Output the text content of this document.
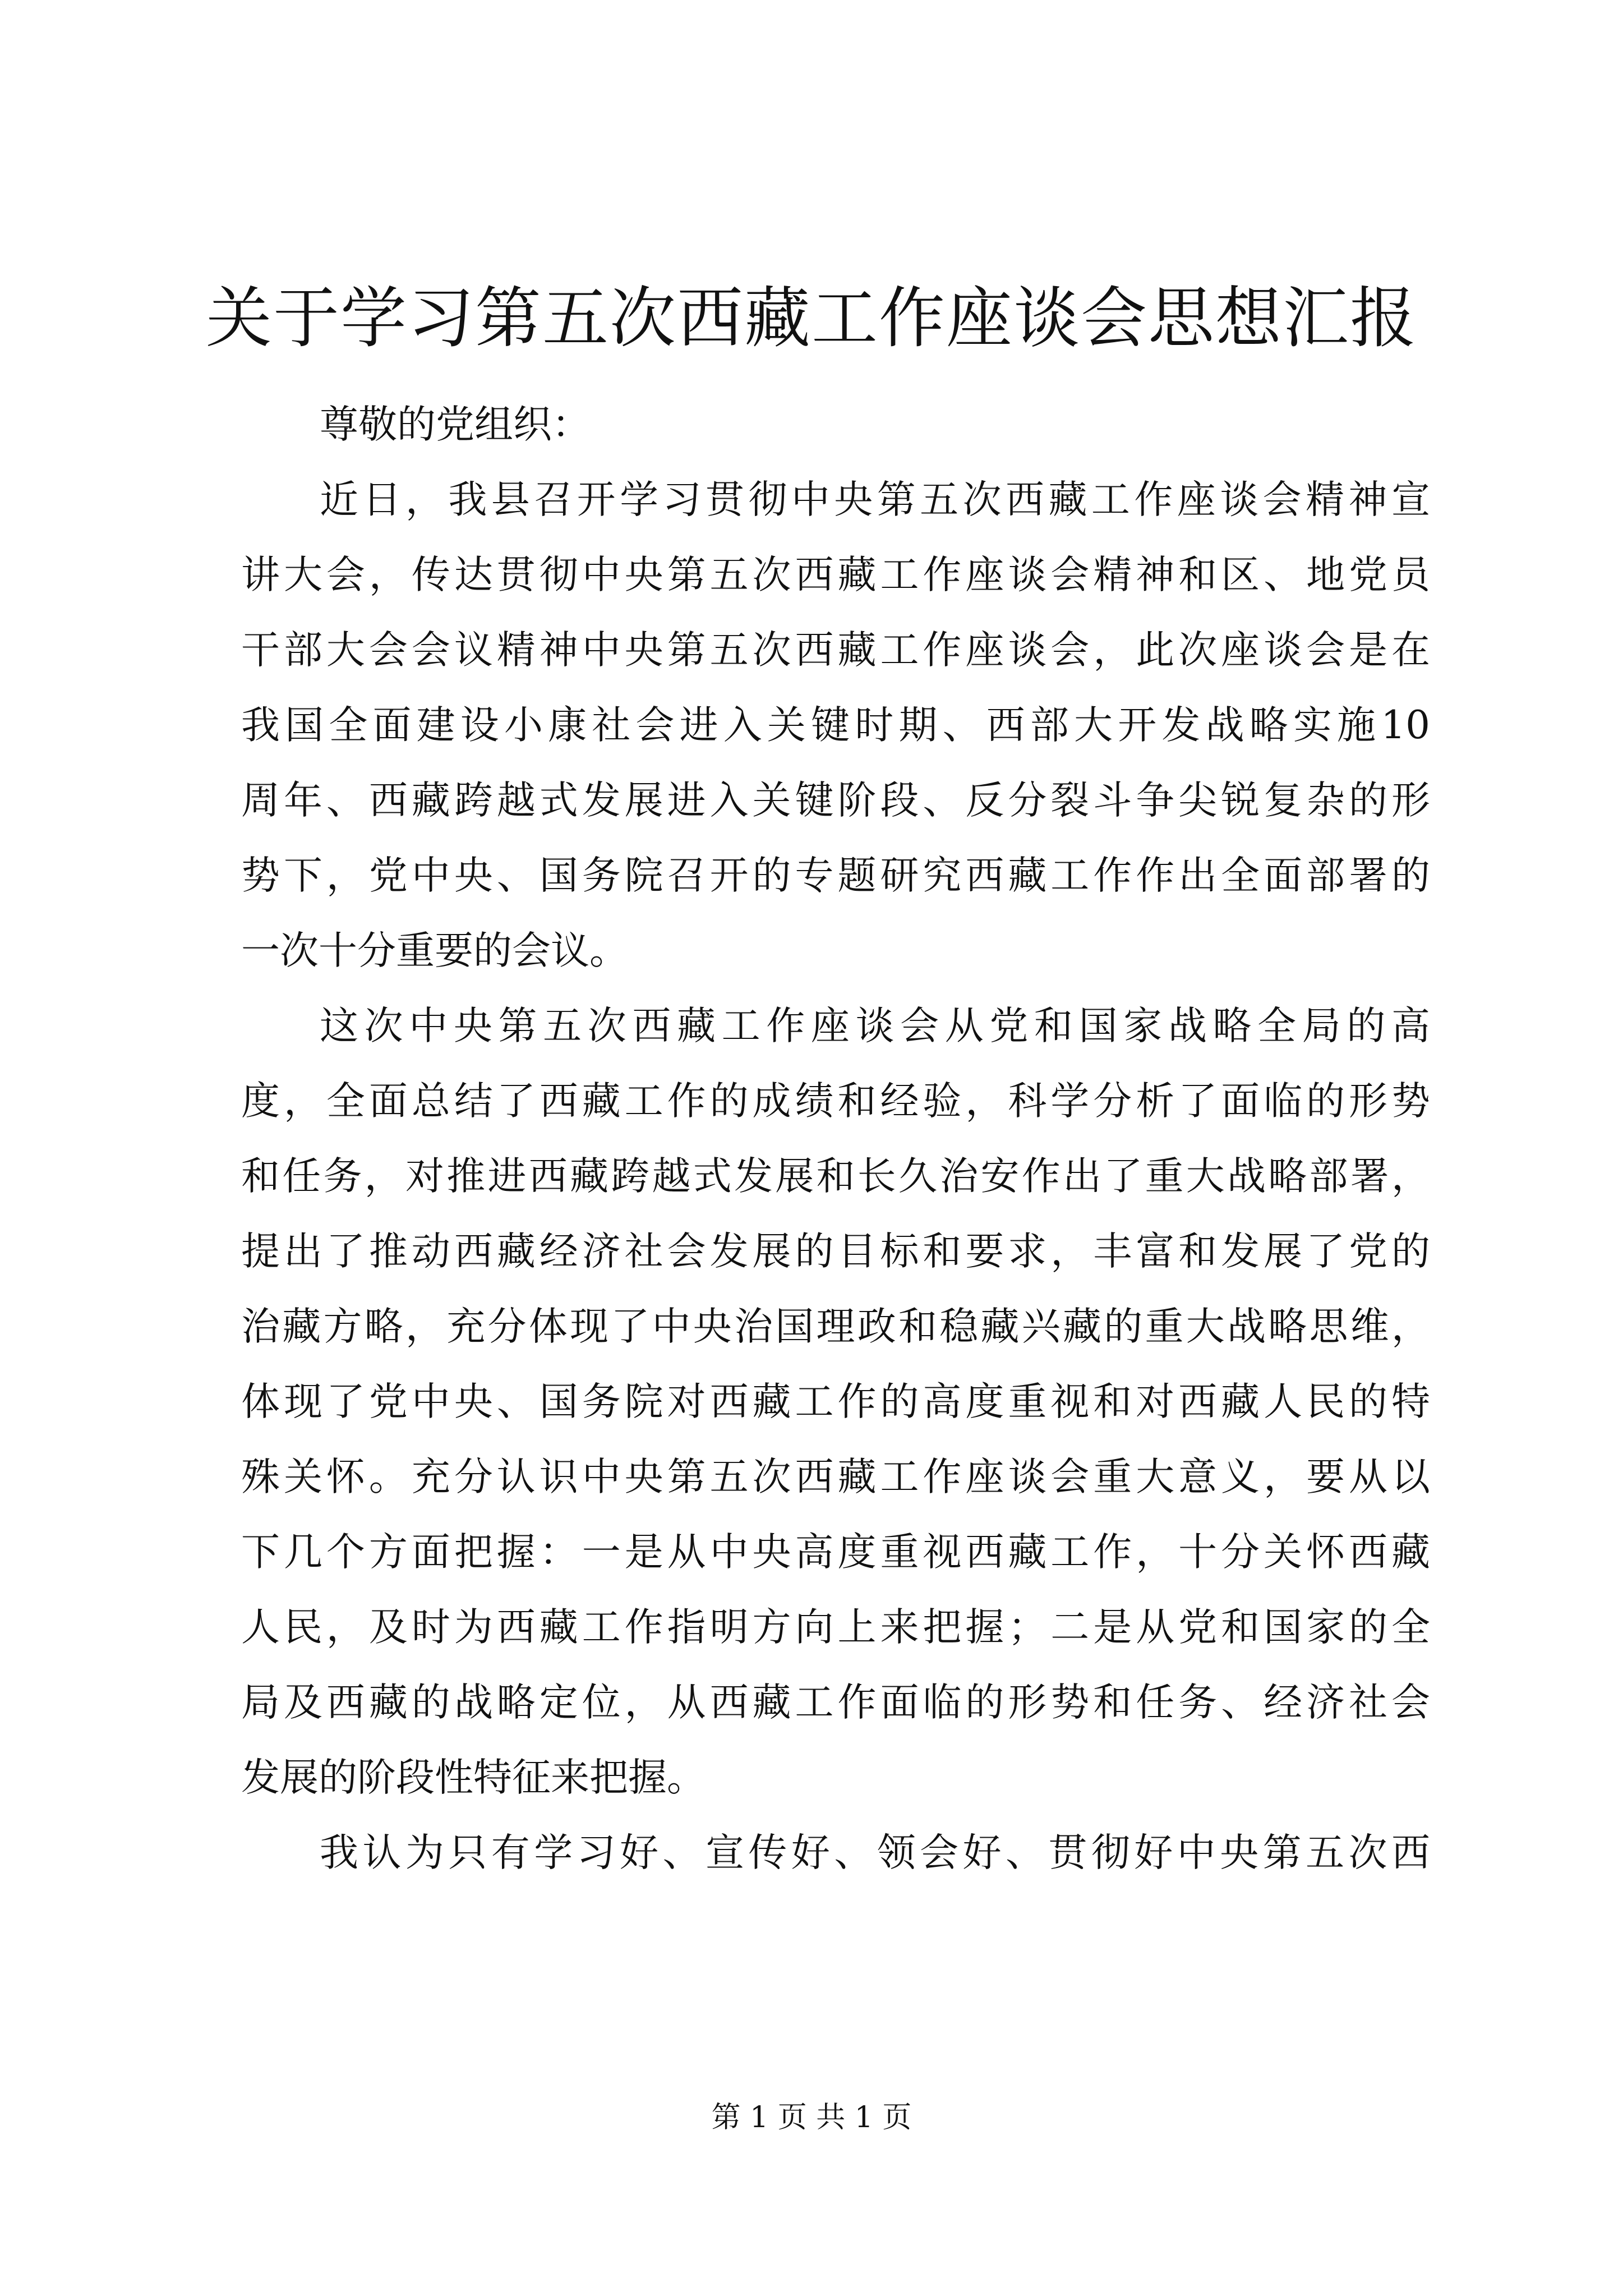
关于学习第五次西藏工作座谈会思想汇报
尊敬的党组织：
近日，我县召开学习贯彻中央第五次西藏工作座谈会精神宣
讲大会，传达贯彻中央第五次西藏工作座谈会精神和区、地党员
干部大会会议精神中央第五次西藏工作座谈会，此次座谈会是在
我国全面建设小康社会进入关键时期、西部大开发战略实施10
周年、西藏跨越式发展进入关键阶段、反分裂斗争尖锐复杂的形
势下，党中央、国务院召开的专题研究西藏工作作出全面部署的
一次十分重要的会议。
这次中央第五次西藏工作座谈会从党和国家战略全局的高
度，全面总结了西藏工作的成绩和经验，科学分析了面临的形势
和任务，对推进西藏跨越式发展和长久治安作出了重大战略部署，
提出了推动西藏经济社会发展的目标和要求，丰富和发展了党的
治藏方略，充分体现了中央治国理政和稳藏兴藏的重大战略思维，
体现了党中央、国务院对西藏工作的高度重视和对西藏人民的特
殊关怀。充分认识中央第五次西藏工作座谈会重大意义，要从以
下几个方面把握：一是从中央高度重视西藏工作，十分关怀西藏
人民，及时为西藏工作指明方向上来把握；二是从党和国家的全
局及西藏的战略定位，从西藏工作面临的形势和任务、经济社会
发展的阶段性特征来把握。
我认为只有学习好、宣传好、领会好、贯彻好中央第五次西
第 1 页 共 1 页
